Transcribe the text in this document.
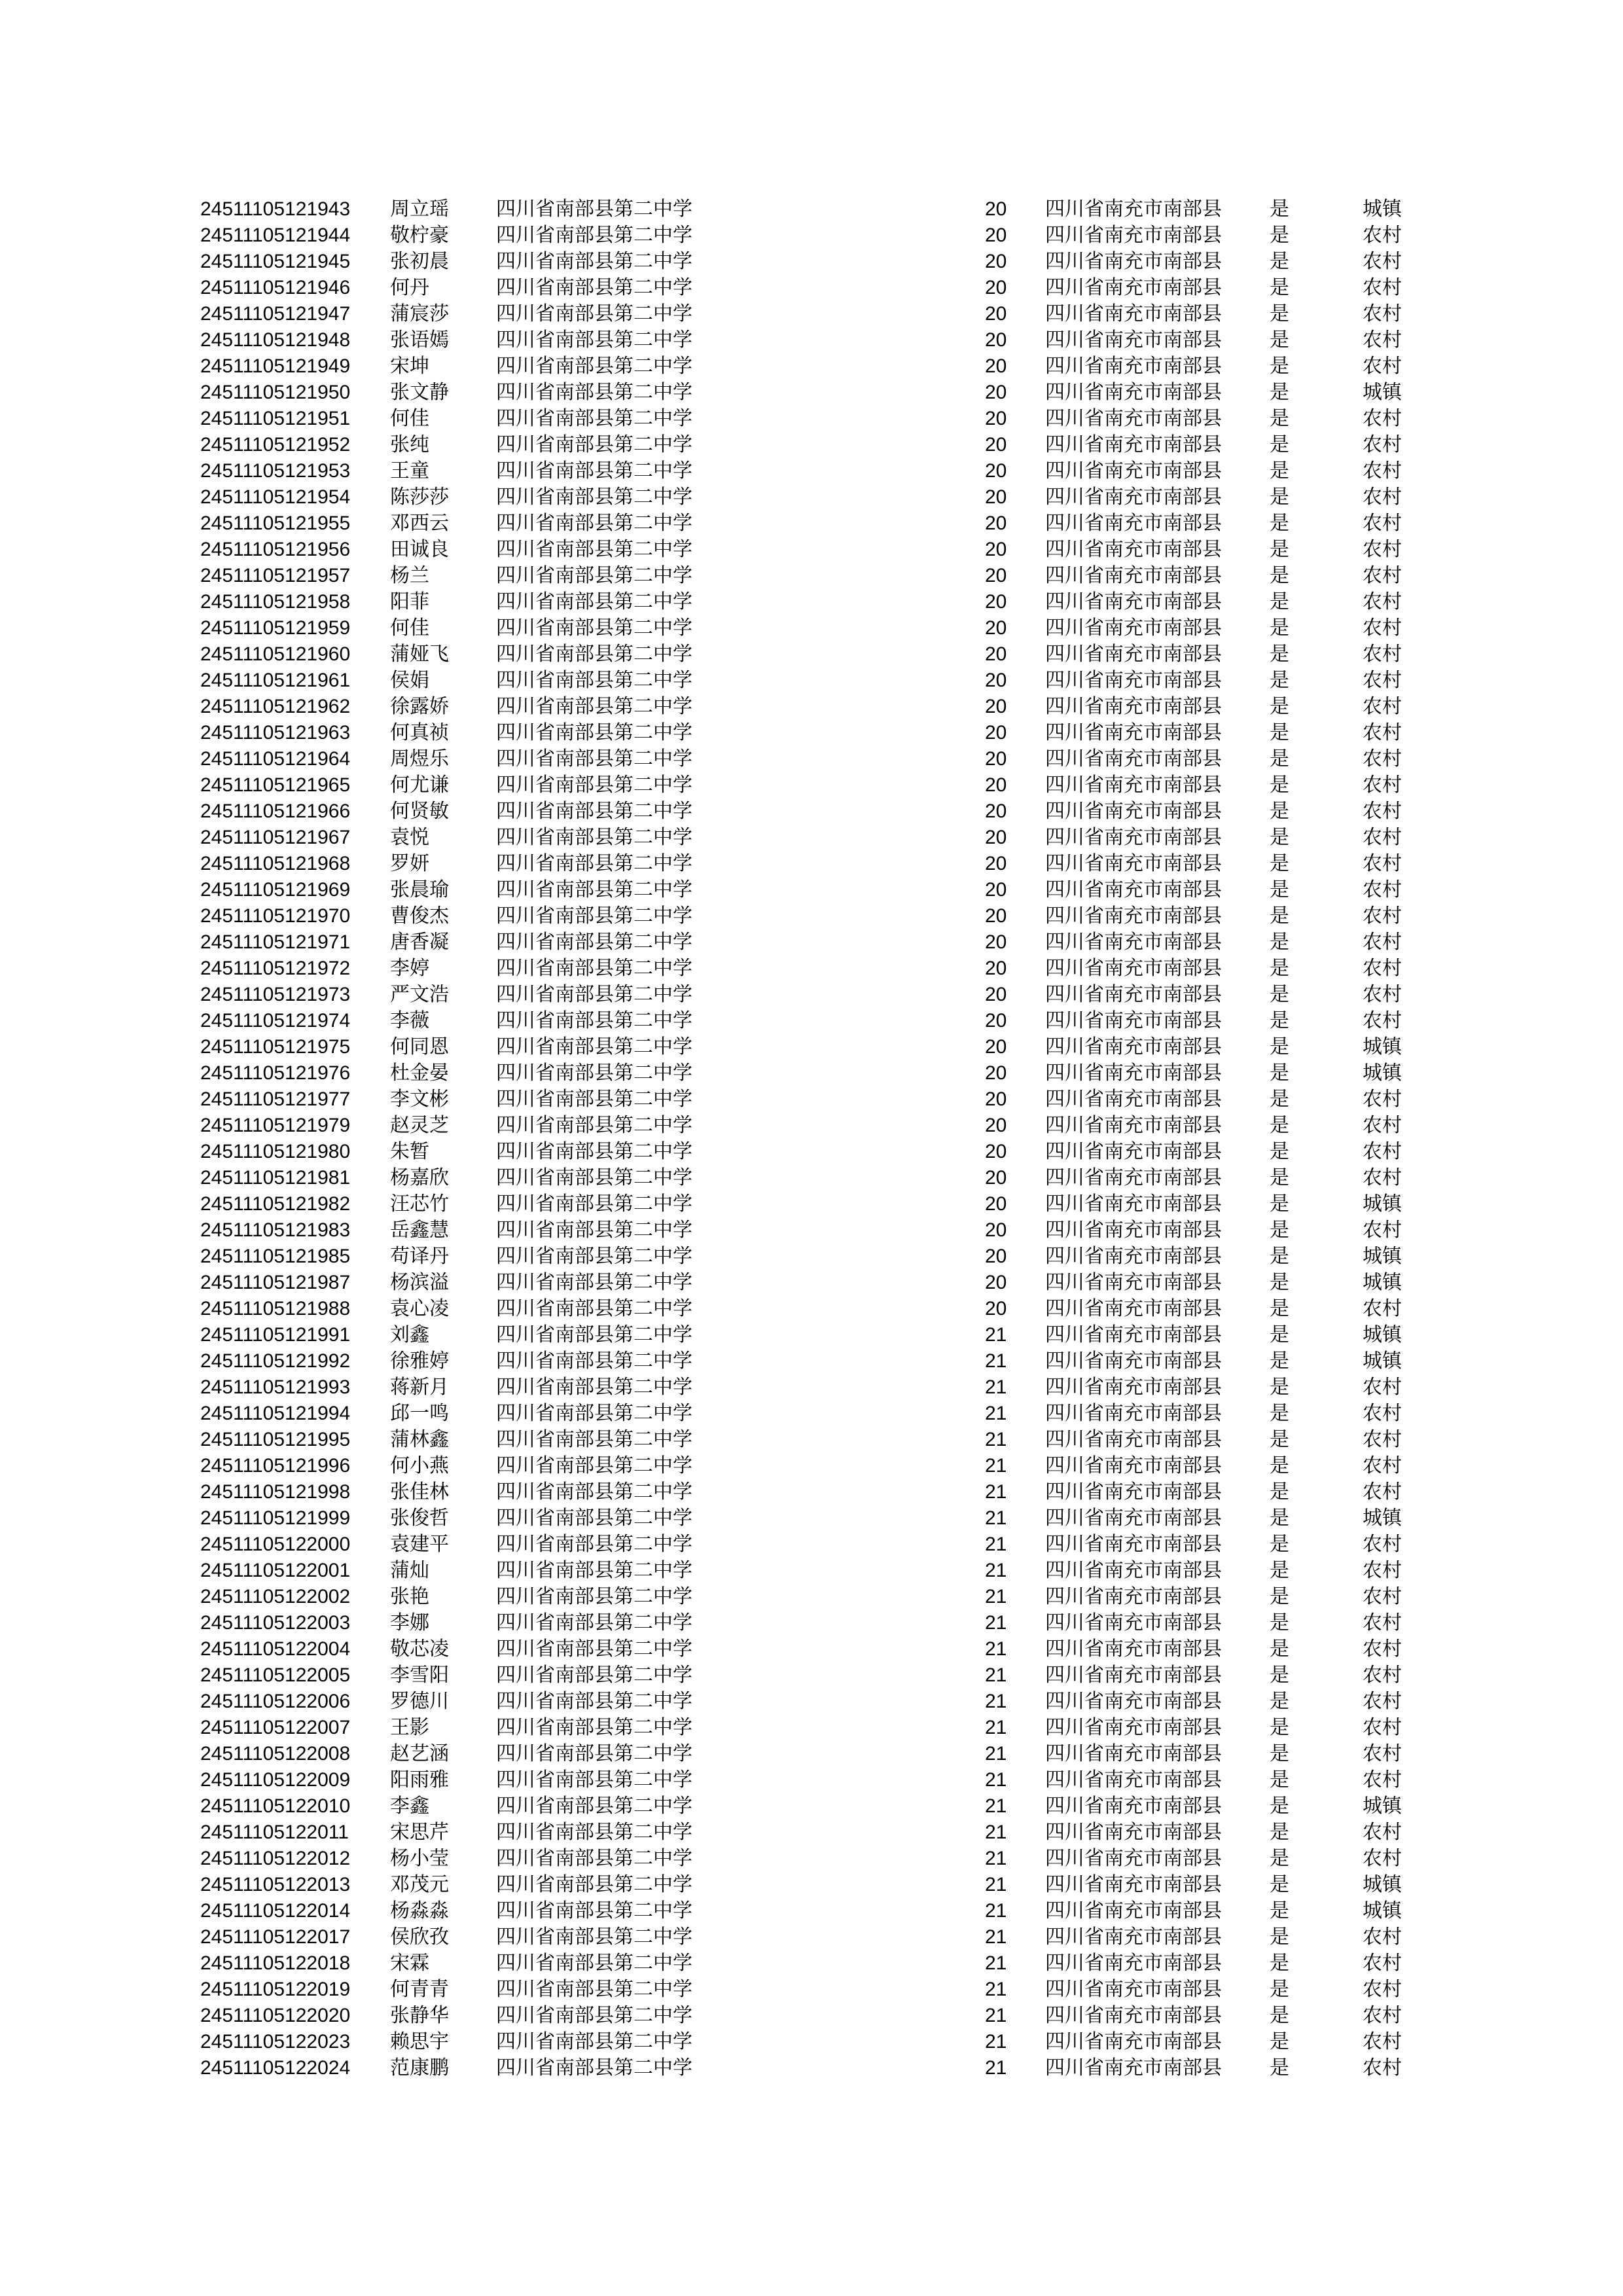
24511105121943 周立瑶 四川省南部县第二中学	20 四川省南充市南部县 是	城镇
24511105121944 敬柠豪 四川省南部县第二中学	20 四川省南充市南部县 是	农村
24511105121945 张初晨 四川省南部县第二中学	20 四川省南充市南部县 是	农村
24511105121946 何丹	四川省南部县第二中学	20 四川省南充市南部县 是	农村
24511105121947 蒲宸莎 四川省南部县第二中学	20 四川省南充市南部县 是	农村
24511105121948 张语嫣 四川省南部县第二中学	20 四川省南充市南部县 是	农村
24511105121949 宋坤	四川省南部县第二中学	20 四川省南充市南部县 是	农村
24511105121950 张文静 四川省南部县第二中学	20 四川省南充市南部县 是	城镇
24511105121951 何佳	四川省南部县第二中学	20 四川省南充市南部县 是	农村
24511105121952 张纯	四川省南部县第二中学	20 四川省南充市南部县 是	农村
24511105121953 王童	四川省南部县第二中学	20 四川省南充市南部县 是	农村
24511105121954 陈莎莎 四川省南部县第二中学	20 四川省南充市南部县 是	农村
24511105121955 邓西云 四川省南部县第二中学	20 四川省南充市南部县 是	农村
24511105121956 田诚良 四川省南部县第二中学	20 四川省南充市南部县 是	农村
24511105121957 杨兰	四川省南部县第二中学	20 四川省南充市南部县 是	农村
24511105121958 阳菲	四川省南部县第二中学	20 四川省南充市南部县 是	农村
24511105121959 何佳	四川省南部县第二中学	20 四川省南充市南部县 是	农村
24511105121960 蒲娅飞 四川省南部县第二中学	20 四川省南充市南部县 是	农村
24511105121961 侯娟	四川省南部县第二中学	20 四川省南充市南部县 是	农村
24511105121962 徐露娇 四川省南部县第二中学	20 四川省南充市南部县 是	农村
24511105121963 何真祯 四川省南部县第二中学	20 四川省南充市南部县 是	农村
24511105121964 周煜乐 四川省南部县第二中学	20 四川省南充市南部县 是	农村
24511105121965 何尤谦 四川省南部县第二中学	20 四川省南充市南部县 是	农村
24511105121966 何贤敏 四川省南部县第二中学	20 四川省南充市南部县 是	农村
24511105121967 袁悦	四川省南部县第二中学	20 四川省南充市南部县 是	农村
24511105121968 罗妍	四川省南部县第二中学	20 四川省南充市南部县 是	农村
24511105121969 张晨瑜 四川省南部县第二中学	20 四川省南充市南部县 是	农村
24511105121970 曹俊杰 四川省南部县第二中学	20 四川省南充市南部县 是	农村
24511105121971 唐香凝 四川省南部县第二中学	20 四川省南充市南部县 是	农村
24511105121972 李婷	四川省南部县第二中学	20 四川省南充市南部县 是	农村
24511105121973 严文浩 四川省南部县第二中学	20 四川省南充市南部县 是	农村
24511105121974 李薇	四川省南部县第二中学	20 四川省南充市南部县 是	农村
24511105121975 何同恩 四川省南部县第二中学	20 四川省南充市南部县 是	城镇
24511105121976 杜金晏 四川省南部县第二中学	20 四川省南充市南部县 是	城镇
24511105121977 李文彬 四川省南部县第二中学	20 四川省南充市南部县 是	农村
24511105121979 赵灵芝 四川省南部县第二中学	20 四川省南充市南部县 是	农村
24511105121980 朱暂	四川省南部县第二中学	20 四川省南充市南部县 是	农村
24511105121981 杨嘉欣 四川省南部县第二中学	20 四川省南充市南部县 是	农村
24511105121982 汪芯竹 四川省南部县第二中学	20 四川省南充市南部县 是	城镇
24511105121983 岳鑫慧 四川省南部县第二中学	20 四川省南充市南部县 是	农村
24511105121985 苟译丹 四川省南部县第二中学	20 四川省南充市南部县 是	城镇
24511105121987 杨滨溢 四川省南部县第二中学	20 四川省南充市南部县 是	城镇
24511105121988 袁心凌 四川省南部县第二中学	20 四川省南充市南部县 是	农村
24511105121991 刘鑫	四川省南部县第二中学	21 四川省南充市南部县 是	城镇
24511105121992 徐雅婷 四川省南部县第二中学	21 四川省南充市南部县 是	城镇
24511105121993 蒋新月 四川省南部县第二中学	21 四川省南充市南部县 是	农村
24511105121994 邱一鸣 四川省南部县第二中学	21 四川省南充市南部县 是	农村
24511105121995 蒲林鑫 四川省南部县第二中学	21 四川省南充市南部县 是	农村
24511105121996 何小燕 四川省南部县第二中学	21 四川省南充市南部县 是	农村
24511105121998 张佳林 四川省南部县第二中学	21 四川省南充市南部县 是	农村
24511105121999 张俊哲 四川省南部县第二中学	21 四川省南充市南部县 是	城镇
24511105122000 袁建平 四川省南部县第二中学	21 四川省南充市南部县 是	农村
24511105122001 蒲灿	四川省南部县第二中学	21 四川省南充市南部县 是	农村
24511105122002 张艳	四川省南部县第二中学	21 四川省南充市南部县 是	农村
24511105122003 李娜	四川省南部县第二中学	21 四川省南充市南部县 是	农村
24511105122004 敬芯凌 四川省南部县第二中学	21 四川省南充市南部县 是	农村
24511105122005 李雪阳 四川省南部县第二中学	21 四川省南充市南部县 是	农村
24511105122006 罗德川 四川省南部县第二中学	21 四川省南充市南部县 是	农村
24511105122007 王影	四川省南部县第二中学	21 四川省南充市南部县 是	农村
24511105122008 赵艺涵 四川省南部县第二中学	21 四川省南充市南部县 是	农村
24511105122009 阳雨雅 四川省南部县第二中学	21 四川省南充市南部县 是	农村
24511105122010 李鑫	四川省南部县第二中学	21 四川省南充市南部县 是	城镇
24511105122011 宋思芹 四川省南部县第二中学	21 四川省南充市南部县 是	农村
24511105122012 杨小莹 四川省南部县第二中学	21 四川省南充市南部县 是	农村
24511105122013 邓茂元 四川省南部县第二中学	21 四川省南充市南部县 是	城镇
24511105122014 杨淼淼 四川省南部县第二中学	21 四川省南充市南部县 是	城镇
24511105122017 侯欣孜 四川省南部县第二中学	21 四川省南充市南部县 是	农村
24511105122018 宋霖	四川省南部县第二中学	21 四川省南充市南部县 是	农村
24511105122019 何青青 四川省南部县第二中学	21 四川省南充市南部县 是	农村
24511105122020 张静华 四川省南部县第二中学	21 四川省南充市南部县 是	农村
24511105122023 赖思宇 四川省南部县第二中学	21 四川省南充市南部县 是	农村
24511105122024 范康鹏 四川省南部县第二中学	21 四川省南充市南部县 是	农村
